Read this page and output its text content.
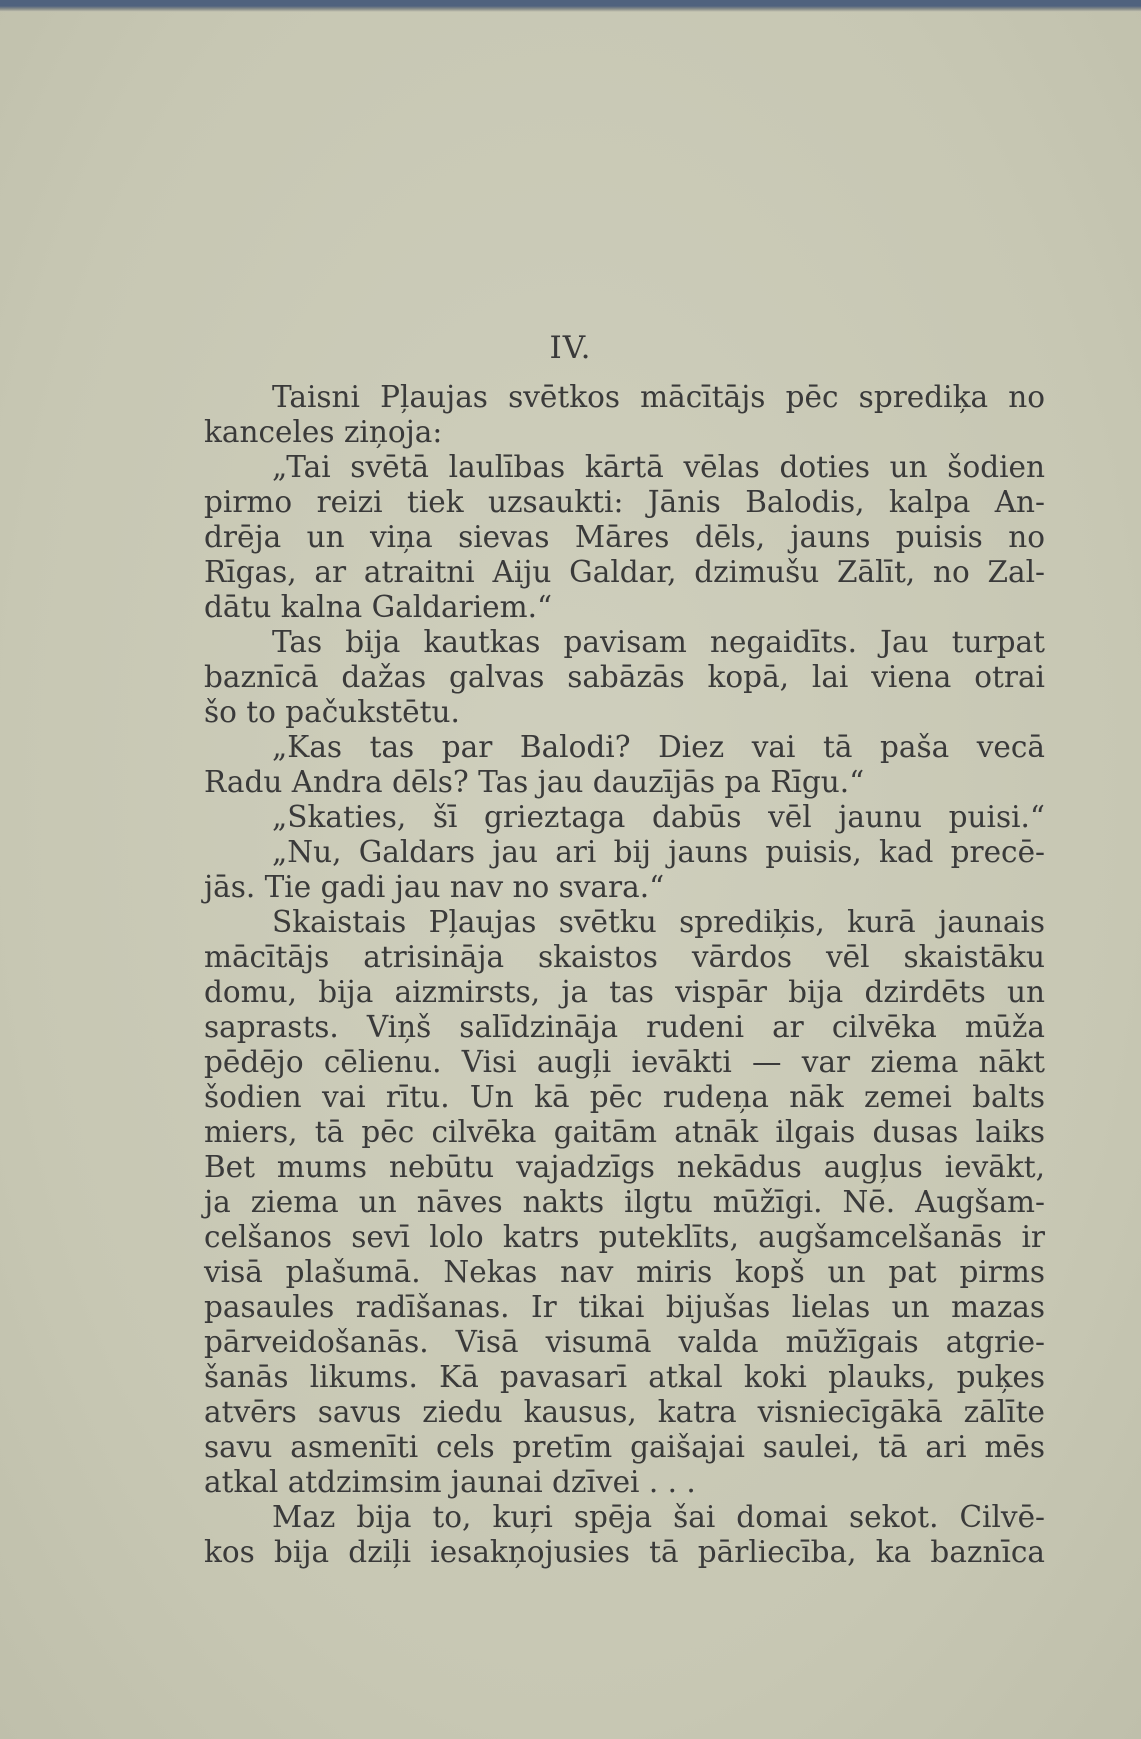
IV.
Taisni Pļaujas svētkos mācītājs pēc sprediķa no
kanceles ziņoja:
„Tai svētā laulības kārtā vēlas doties un šodien
pirmo reizi tiek uzsaukti: Jānis Balodis, kalpa An-
drēja un viņa sievas Māres dēls, jauns puisis no
Rīgas, ar atraitni Aiju Galdar, dzimušu Zālīt, no Zal-
dātu kalna Galdariem.“
Tas bija kautkas pavisam negaidīts. Jau turpat
baznīcā dažas galvas sabāzās kopā, lai viena otrai
šo to pačukstētu.
„Kas tas par Balodi? Diez vai tā paša vecā
Radu Andra dēls? Tas jau dauzījās pa Rīgu.“
„Skaties, šī grieztaga dabūs vēl jaunu puisi.“
„Nu, Galdars jau ari bij jauns puisis, kad precē-
jās. Tie gadi jau nav no svara.“
Skaistais Pļaujas svētku sprediķis, kurā jaunais
mācītājs atrisināja skaistos vārdos vēl skaistāku
domu, bija aizmirsts, ja tas vispār bija dzirdēts un
saprasts. Viņš salīdzināja rudeni ar cilvēka mūža
pēdējo cēlienu. Visi augļi ievākti — var ziema nākt
šodien vai rītu. Un kā pēc rudeņa nāk zemei balts
miers, tā pēc cilvēka gaitām atnāk ilgais dusas laiks
Bet mums nebūtu vajadzīgs nekādus augļus ievākt,
ja ziema un nāves nakts ilgtu mūžīgi. Nē. Augšam-
celšanos sevī lolo katrs puteklīts, augšamcelšanās ir
visā plašumā. Nekas nav miris kopš un pat pirms
pasaules radīšanas. Ir tikai bijušas lielas un mazas
pārveidošanās. Visā visumā valda mūžīgais atgrie-
šanās likums. Kā pavasarī atkal koki plauks, puķes
atvērs savus ziedu kausus, katra visniecīgākā zālīte
savu asmenīti cels pretīm gaišajai saulei, tā ari mēs
atkal atdzimsim jaunai dzīvei . . .
Maz bija to, kuŗi spēja šai domai sekot. Cilvē-
kos bija dziļi iesakņojusies tā pārliecība, ka baznīca
